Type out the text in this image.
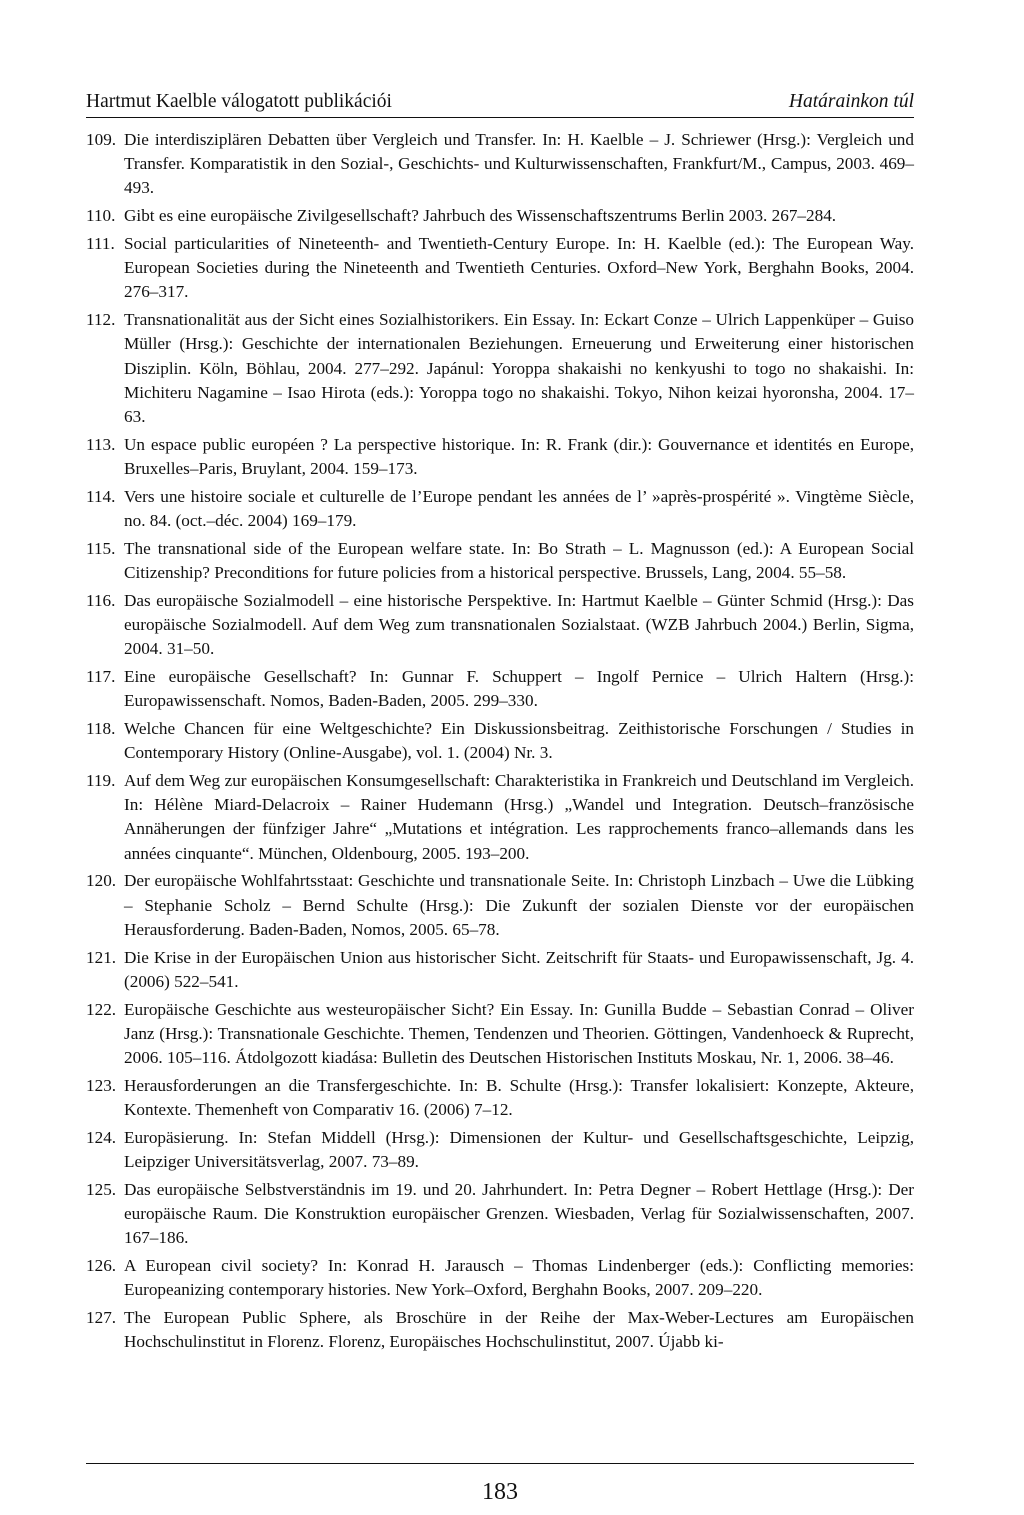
Hartmut Kaelble válogatott publikációi	Határainkon túl
109. Die interdisziplären Debatten über Vergleich und Transfer. In: H. Kaelble – J. Schriewer (Hrsg.): Vergleich und Transfer. Komparatistik in den Sozial-, Geschichts- und Kulturwissenschaften, Frankfurt/M., Campus, 2003. 469–493.
110. Gibt es eine europäische Zivilgesellschaft? Jahrbuch des Wissenschaftszentrums Berlin 2003. 267–284.
111. Social particularities of Nineteenth- and Twentieth-Century Europe. In: H. Kaelble (ed.): The European Way. European Societies during the Nineteenth and Twentieth Centuries. Oxford–New York, Berghahn Books, 2004. 276–317.
112. Transnationalität aus der Sicht eines Sozialhistorikers. Ein Essay. In: Eckart Conze – Ulrich Lappenküper – Guiso Müller (Hrsg.): Geschichte der internationalen Beziehungen. Erneuerung und Erweiterung einer historischen Disziplin. Köln, Böhlau, 2004. 277–292. Japánul: Yoroppa shakaishi no kenkyushi to togo no shakaishi. In: Michiteru Nagamine – Isao Hirota (eds.): Yoroppa togo no shakaishi. Tokyo, Nihon keizai hyoronsha, 2004. 17–63.
113. Un espace public européen ? La perspective historique. In: R. Frank (dir.): Gouvernance et identités en Europe, Bruxelles–Paris, Bruylant, 2004. 159–173.
114. Vers une histoire sociale et culturelle de l’Europe pendant les années de l’ »après-prospérité ». Vingtème Siècle, no. 84. (oct.–déc. 2004) 169–179.
115. The transnational side of the European welfare state. In: Bo Strath – L. Magnusson (ed.): A European Social Citizenship? Preconditions for future policies from a historical perspective. Brussels, Lang, 2004. 55–58.
116. Das europäische Sozialmodell – eine historische Perspektive. In: Hartmut Kaelble – Günter Schmid (Hrsg.): Das europäische Sozialmodell. Auf dem Weg zum transnationalen Sozialstaat. (WZB Jahrbuch 2004.) Berlin, Sigma, 2004. 31–50.
117. Eine europäische Gesellschaft? In: Gunnar F. Schuppert – Ingolf Pernice – Ulrich Haltern (Hrsg.): Europawissenschaft. Nomos, Baden-Baden, 2005. 299–330.
118. Welche Chancen für eine Weltgeschichte? Ein Diskussionsbeitrag. Zeithistorische Forschungen / Studies in Contemporary History (Online-Ausgabe), vol. 1. (2004) Nr. 3.
119. Auf dem Weg zur europäischen Konsumgesellschaft: Charakteristika in Frankreich und Deutschland im Vergleich. In: Hélène Miard-Delacroix – Rainer Hudemann (Hrsg.) „Wandel und Integration. Deutsch–französische Annäherungen der fünfziger Jahre“ „Mutations et intégration. Les rapprochements franco–allemands dans les années cinquante“. München, Oldenbourg, 2005. 193–200.
120. Der europäische Wohlfahrtsstaat: Geschichte und transnationale Seite. In: Christoph Linzbach – Uwe die Lübking – Stephanie Scholz – Bernd Schulte (Hrsg.): Die Zukunft der sozialen Dienste vor der europäischen Herausforderung. Baden-Baden, Nomos, 2005. 65–78.
121. Die Krise in der Europäischen Union aus historischer Sicht. Zeitschrift für Staats- und Europawissenschaft, Jg. 4. (2006) 522–541.
122. Europäische Geschichte aus westeuropäischer Sicht? Ein Essay. In: Gunilla Budde – Sebastian Conrad – Oliver Janz (Hrsg.): Transnationale Geschichte. Themen, Tendenzen und Theorien. Göttingen, Vandenhoeck & Ruprecht, 2006. 105–116. Átdolgozott kiadása: Bulletin des Deutschen Historischen Instituts Moskau, Nr. 1, 2006. 38–46.
123. Herausforderungen an die Transfergeschichte. In: B. Schulte (Hrsg.): Transfer lokalisiert: Konzepte, Akteure, Kontexte. Themenheft von Comparativ 16. (2006) 7–12.
124. Europäsierung. In: Stefan Middell (Hrsg.): Dimensionen der Kultur- und Gesellschaftsgeschichte, Leipzig, Leipziger Universitätsverlag, 2007. 73–89.
125. Das europäische Selbstverständnis im 19. und 20. Jahrhundert. In: Petra Degner – Robert Hettlage (Hrsg.): Der europäische Raum. Die Konstruktion europäischer Grenzen. Wiesbaden, Verlag für Sozialwissenschaften, 2007. 167–186.
126. A European civil society? In: Konrad H. Jarausch – Thomas Lindenberger (eds.): Conflicting memories: Europeanizing contemporary histories. New York–Oxford, Berghahn Books, 2007. 209–220.
127. The European Public Sphere, als Broschüre in der Reihe der Max-Weber-Lectures am Europäischen Hochschulinstitut in Florenz. Florenz, Europäisches Hochschulinstitut, 2007. Újabb ki-
183
